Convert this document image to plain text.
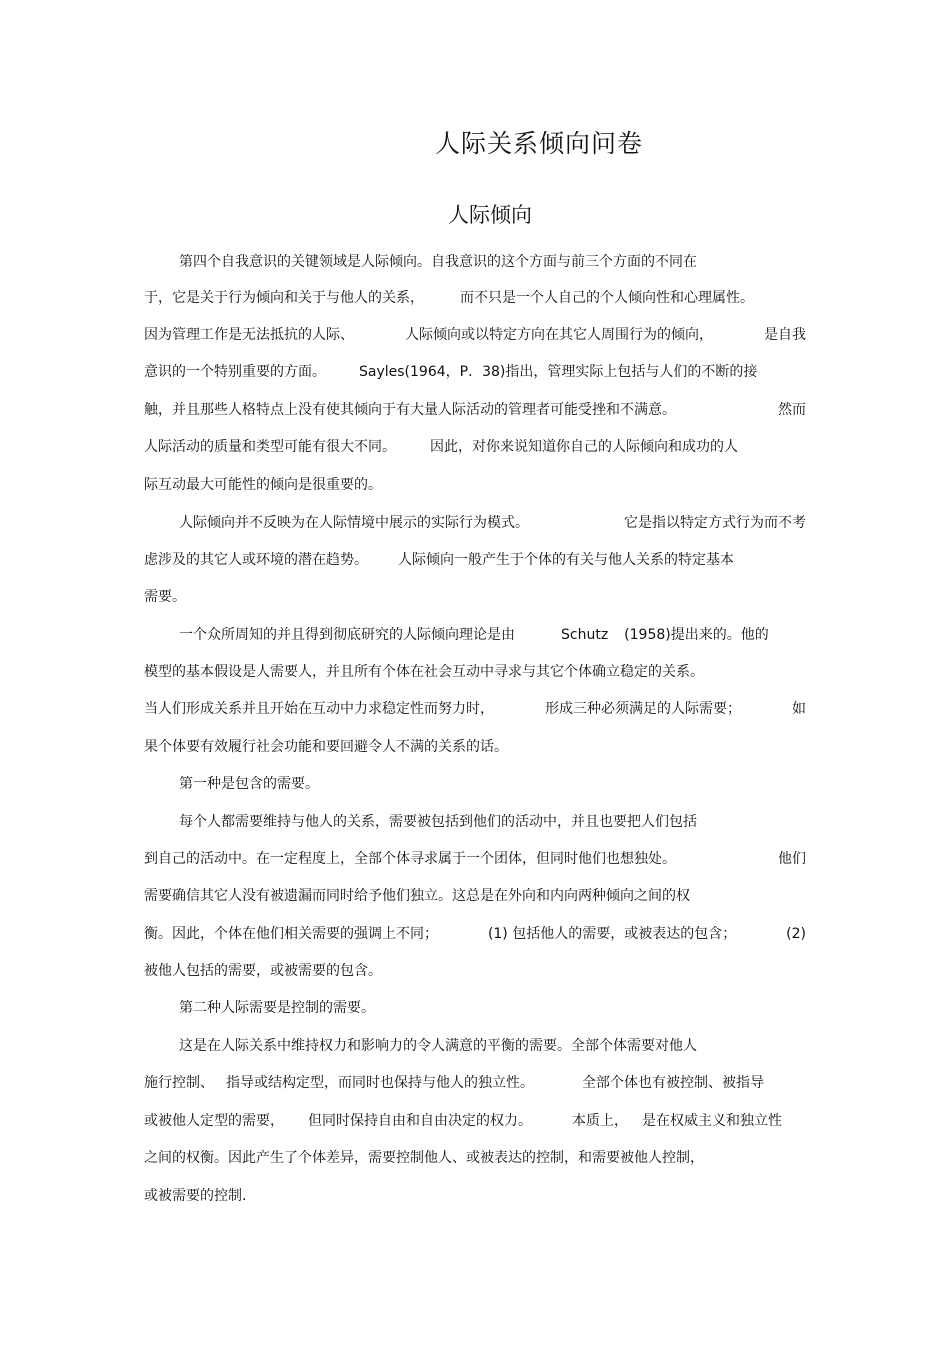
人际关系倾向问卷
人际倾向
第四个自我意识的关键领域是人际倾向。自我意识的这个方面与前三个方面的不同在
于，它是关于行为倾向和关于与他人的关系，	而不只是一个人自己的个人倾向性和心理属性。
因为管理工作是无法抵抗的人际、	人际倾向或以特定方向在其它人周围行为的倾向，	是自我
意识的一个特别重要的方面。 Sayles(1964，P．38)指出，管理实际上包括与人们的不断的接
触，并且那些人格特点上没有使其倾向于有大量人际活动的管理者可能受挫和不满意。	然而
人际活动的质量和类型可能有很大不同。 因此，对你来说知道你自己的人际倾向和成功的人
际互动最大可能性的倾向是很重要的。
人际倾向并不反映为在人际情境中展示的实际行为模式。	它是指以特定方式行为而不考
虑涉及的其它人或环境的潜在趋势。 人际倾向一般产生于个体的有关与他人关系的特定基本
需要。
一个众所周知的并且得到彻底研究的人际倾向理论是由	Schutz (1958)提出来的。他的
模型的基本假设是人需要人，并且所有个体在社会互动中寻求与其它个体确立稳定的关系。
当人们形成关系并且开始在互动中力求稳定性而努力时，	形成三种必须满足的人际需要；	如
果个体要有效履行社会功能和要回避令人不满的关系的话。
第一种是包含的需要。
每个人都需要维持与他人的关系，需要被包括到他们的活动中，并且也要把人们包括
到自己的活动中。在一定程度上，全部个体寻求属于一个团体，但同时他们也想独处。	他们
需要确信其它人没有被遗漏而同时给予他们独立。这总是在外向和内向两种倾向之间的权
衡。因此，个体在他们相关需要的强调上不同；	(1) 包括他人的需要，或被表达的包含；	(2)
被他人包括的需要，或被需要的包含。
第二种人际需要是控制的需要。
这是在人际关系中维持权力和影响力的令人满意的平衡的需要。全部个体需要对他人
施行控制、 指导或结构定型，而同时也保持与他人的独立性。	全部个体也有被控制、被指导
或被他人定型的需要， 但同时保持自由和自由决定的权力。	本质上， 是在权威主义和独立性
之间的权衡。因此产生了个体差异，需要控制他人、或被表达的控制，和需要被他人控制，
或被需要的控制.
